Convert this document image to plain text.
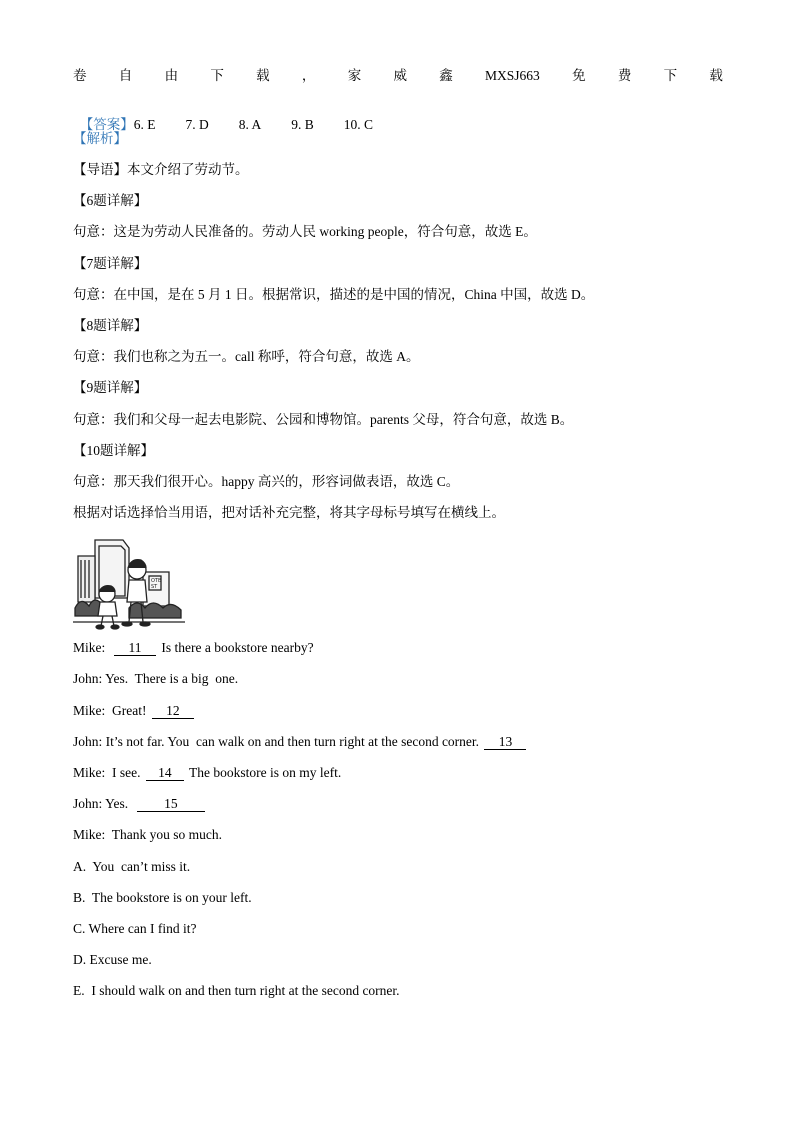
卷 自 由 下 载 ， 家 威 鑫 MXSJ663 免 费 下 载

【答案】6. E 7. D 8. A 9. B 10. C

【解析】
【导语】本文介绍了劳动节。
【6题详解】
句意：这是为劳动人民准备的。劳动人民 working people，符合句意，故选 E。
【7题详解】
句意：在中国，是在 5 月 1 日。根据常识，描述的是中国的情况，China 中国，故选 D。
【8题详解】
句意：我们也称之为五一。call 称呼，符合句意，故选 A。
【9题详解】
句意：我们和父母一起去电影院、公园和博物馆。parents 父母，符合句意，故选 B。
【10题详解】
句意：那天我们很开心。happy 高兴的，形容词做表语，故选 C。
根据对话选择恰当用语，把对话补充完整，将其字母标号填写在横线上。
OTB
ST
Mike:  11 Is there a bookstore nearby?
John: Yes.  There is a big  one.
Mike:  Great! 12
John: It’s not far. You  can walk on and then turn right at the second corner. 13
Mike:  I see. 14 The bookstore is on my left.
John: Yes.  15
Mike:  Thank you so much.
A.  You  can’t miss it.
B.  The bookstore is on your left.
C. Where can I find it?
D. Excuse me.
E.  I should walk on and then turn right at the second corner.
